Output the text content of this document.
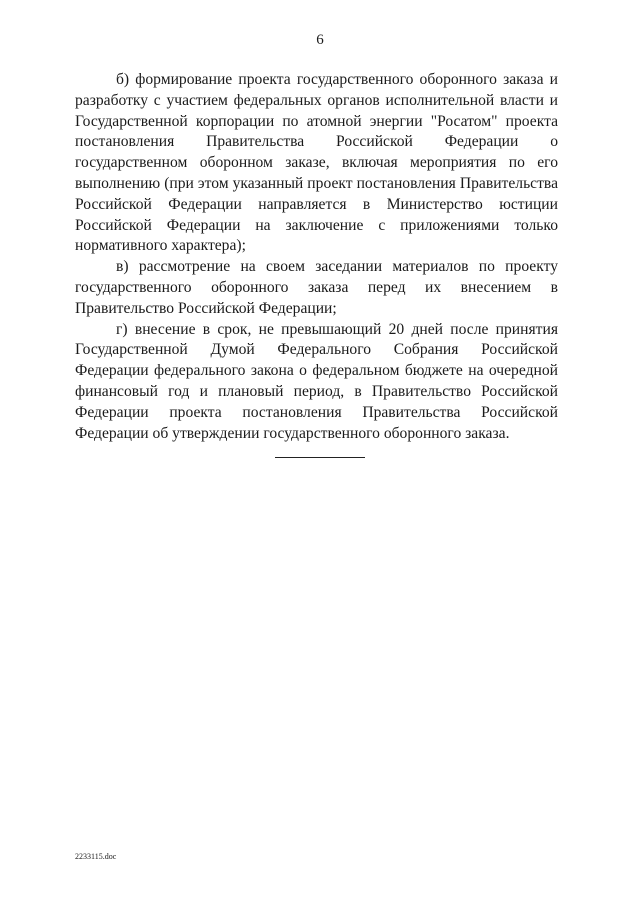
6

б) формирование проекта государственного оборонного заказа и разработку с участием федеральных органов исполнительной власти и Государственной корпорации по атомной энергии "Росатом" проекта постановления Правительства Российской Федерации о государственном оборонном заказе, включая мероприятия по его выполнению (при этом указанный проект постановления Правительства Российской Федерации направляется в Министерство юстиции Российской Федерации на заключение с приложениями только нормативного характера);

в) рассмотрение на своем заседании материалов по проекту государственного оборонного заказа перед их внесением в Правительство Российской Федерации;

г) внесение в срок, не превышающий 20 дней после принятия Государственной Думой Федерального Собрания Российской Федерации федерального закона о федеральном бюджете на очередной финансовый год и плановый период, в Правительство Российской Федерации проекта постановления Правительства Российской Федерации об утверждении государственного оборонного заказа.

2233115.doc
